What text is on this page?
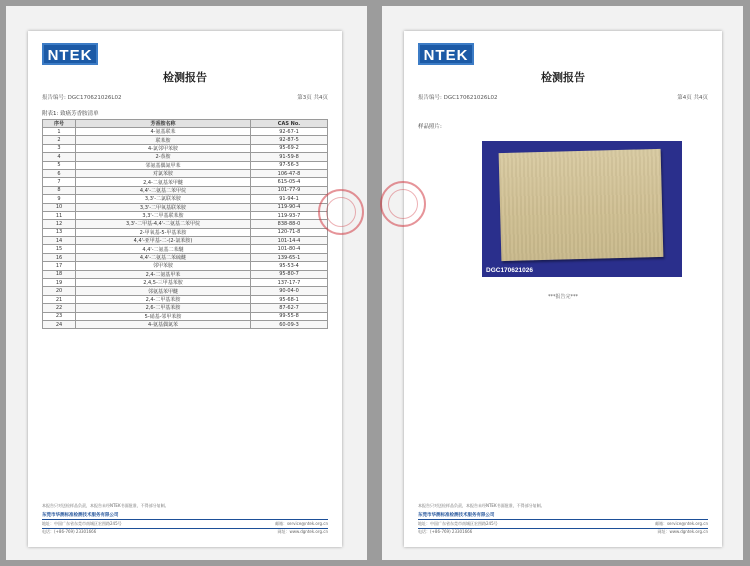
NTEK
检测报告
报告编号: DGC170621026L02	第3页 共4页
附表1: 致癌芳香胺清单
序号	芳香胺名称	CAS No.
1	4-氨基联苯	92-67-1
2	联苯胺	92-87-5
3	4-氯邻甲苯胺	95-69-2
4	2-萘胺	91-59-8
5	邻氨基偶氮甲苯	97-56-3
6	对氯苯胺	106-47-8
7	2,4-二氨基苯甲醚	615-05-4
8	4,4'-二氨基二苯甲烷	101-77-9
9	3,3'-二氯联苯胺	91-94-1
10	3,3'-二甲氧基联苯胺	119-90-4
11	3,3'-二甲基联苯胺	119-93-7
12	3,3'-二甲基-4,4'-二氨基二苯甲烷	838-88-0
13	2-甲氧基-5-甲基苯胺	120-71-8
14	4,4'-亚甲基-二-(2-氯苯胺)	101-14-4
15	4,4'-二氨基二苯醚	101-80-4
16	4,4'-二氨基二苯硫醚	139-65-1
17	邻甲苯胺	95-53-4
18	2,4-二氨基甲苯	95-80-7
19	2,4,5-三甲基苯胺	137-17-7
20	邻氨基苯甲醚	90-04-0
21	2,4-二甲基苯胺	95-68-1
22	2,6-二甲基苯胺	87-62-7
23	5-硝基-邻甲苯胺	99-55-8
24	4-氨基偶氮苯	60-09-3
本报告只对送检样品负责，本报告未经NTEK书面批准，不得部分复制。
东莞市华测标准检测技术服务有限公司
地址：中国广东省东莞市南城区宏图路245号	邮箱：service@ntek.org.cn
电话：(+86-769) 23301666	网址：www.dgntek.org.cn
NTEK
检测报告
报告编号: DGC170621026L02	第4页 共4页
样品照片:
DGC170621026
***报告完***
本报告只对送检样品负责，本报告未经NTEK书面批准，不得部分复制。
东莞市华测标准检测技术服务有限公司
地址：中国广东省东莞市南城区宏图路245号	邮箱：service@ntek.org.cn
电话：(+86-769) 23301666	网址：www.dgntek.org.cn
